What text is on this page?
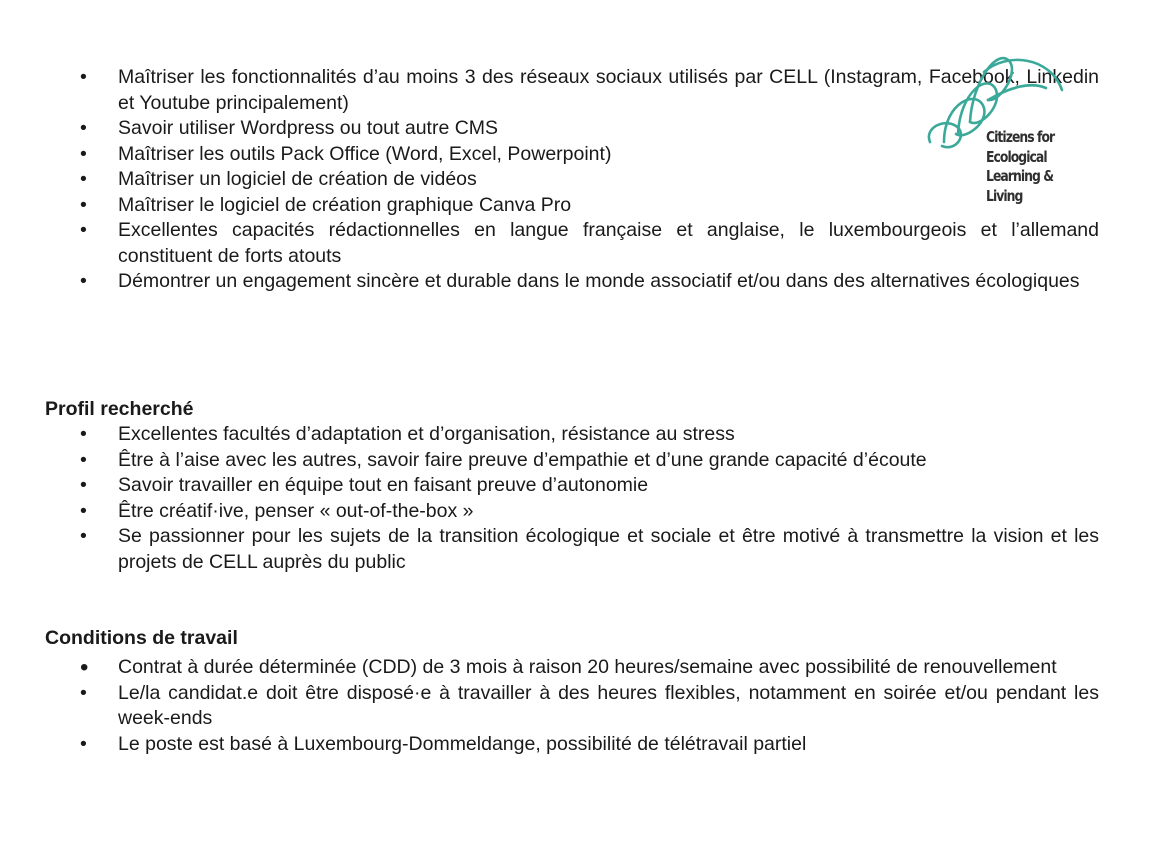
•	Maîtriser les fonctionnalités d’au moins 3 des réseaux sociaux utilisés par CELL (Instagram, Facebook, Linkedin et Youtube principalement)
•	Savoir utiliser Wordpress ou tout autre CMS
•	Maîtriser les outils Pack Office (Word, Excel, Powerpoint)
•	Maîtriser un logiciel de création de vidéos
•	Maîtriser le logiciel de création graphique Canva Pro
•	Excellentes capacités rédactionnelles en langue française et anglaise, le luxembourgeois et l’allemand constituent de forts atouts
•	Démontrer un engagement sincère et durable dans le monde associatif et/ou dans des alternatives écologiques
Profil recherché
•	Excellentes facultés d’adaptation et d’organisation, résistance au stress
•	Être à l’aise avec les autres, savoir faire preuve d’empathie et d’une grande capacité d’écoute
•	Savoir travailler en équipe tout en faisant preuve d’autonomie
•	Être créatif·ive, penser « out-of-the-box »
•	Se passionner pour les sujets de la transition écologique et sociale et être motivé à transmettre la vision et les projets de CELL auprès du public
Conditions de travail
•	Contrat à durée déterminée (CDD) de 3 mois à raison 20 heures/semaine avec possibilité de renouvellement
•	Le/la candidat.e doit être disposé·e à travailler à des heures flexibles, notamment en soirée et/ou pendant les week-ends
•	Le poste est basé à Luxembourg-Dommeldange, possibilité de télétravail partiel
Citizens for
Ecological
Learning &
Living
